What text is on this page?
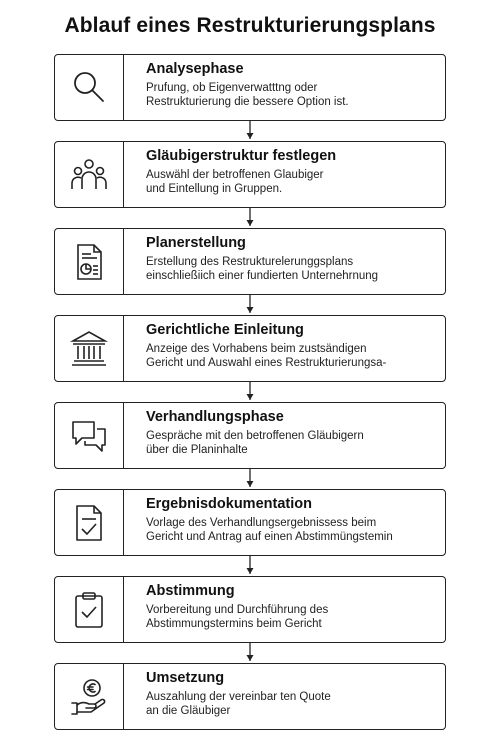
Ablauf eines Restrukturierungsplans
Analysephase
Prufung, ob Eigenverwatttng oder
Restrukturierung die bessere Option ist.
Gläubigerstruktur festlegen
Auswähl der betroffenen Glaubiger
und Eintellung in Gruppen.
Planerstellung
Erstellung des Restrukturelerunggsplans
einschließiich einer fundierten Unternehrnung
Gerichtliche Einleitung
Anzeige des Vorhabens beim zustsändigen
Gericht und Auswahl eines Restrukturierungsa-
Verhandlungsphase
Gespräche mit den betroffenen Gläubigern
über die Planinhalte
Ergebnisdokumentation
Vorlage des Verhandlungsergebnissess beim
Gericht und Antrag auf einen Abstimmüngstemin
Abstimmung
Vorbereitung und Durchführung des
Abstimmungstermins beim Gericht
Umsetzung
Auszahlung der vereinbar ten Quote
an die Gläubiger
